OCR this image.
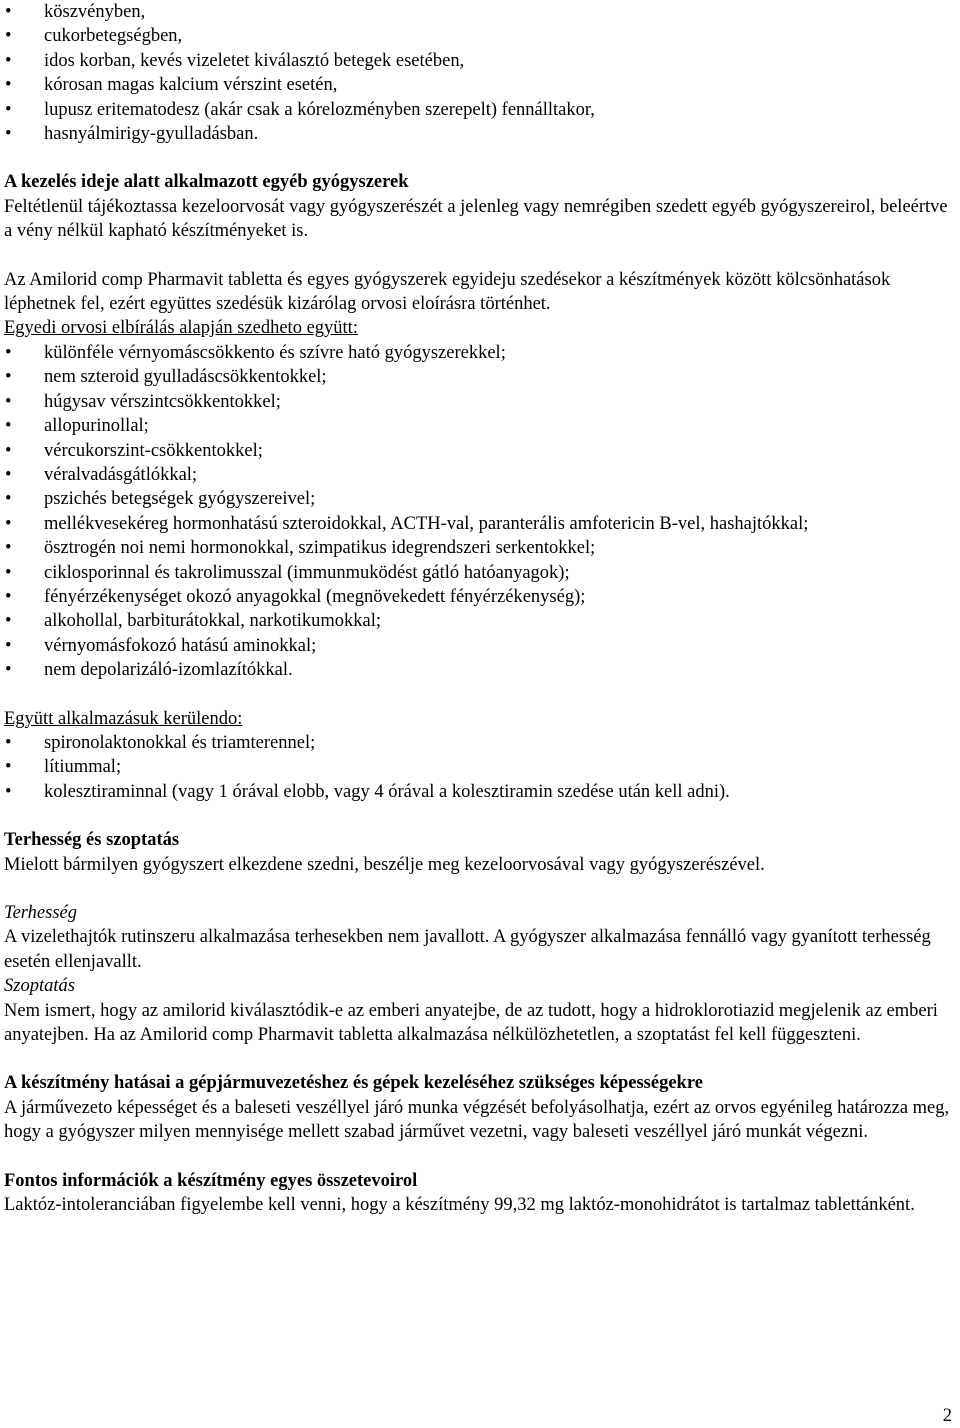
• köszvényben,
• cukorbetegségben,
• idos korban, kevés vizeletet kiválasztó betegek esetében,
• kórosan magas kalcium vérszint esetén,
• lupusz eritematodesz (akár csak a kórelozményben szerepelt) fennálltakor,
• hasnyálmirigy-gyulladásban.

A kezelés ideje alatt alkalmazott egyéb gyógyszerek

Feltétlenül tájékoztassa kezeloorvosát vagy gyógyszerészét a jelenleg vagy nemrégiben szedett egyéb gyógyszereirol, beleértve a vény nélkül kapható készítményeket is.

Az Amilorid comp Pharmavit tabletta és egyes gyógyszerek egyideju szedésekor a készítmények között kölcsönhatások léphetnek fel, ezért együttes szedésük kizárólag orvosi eloírásra történhet.

Egyedi orvosi elbírálás alapján szedheto együtt:

• különféle vérnyomáscsökkento és szívre ható gyógyszerekkel;
• nem szteroid gyulladáscsökkentokkel;
• húgysav vérszintcsökkentokkel;
• allopurinollal;
• vércukorszint-csökkentokkel;
• véralvadásgátlókkal;
• pszichés betegségek gyógyszereivel;
• mellékvesekéreg hormonhatású szteroidokkal, ACTH-val, paranterális amfotericin B-vel, hashajtókkal;
• ösztrogén noi nemi hormonokkal, szimpatikus idegrendszeri serkentokkel;
• ciklosporinnal és takrolimusszal (immunmuködést gátló hatóanyagok);
• fényérzékenységet okozó anyagokkal (megnövekedett fényérzékenység);
• alkohollal, barbiturátokkal, narkotikumokkal;
• vérnyomásfokozó hatású aminokkal;
• nem depolarizáló-izomlazítókkal.

Együtt alkalmazásuk kerülendo:

• spironolaktonokkal és triamterennel;
• lítiummal;
• kolesztiraminnal (vagy 1 órával elobb, vagy 4 órával a kolesztiramin szedése után kell adni).

Terhesség és szoptatás

Mielott bármilyen gyógyszert elkezdene szedni, beszélje meg kezeloorvosával vagy gyógyszerészével.

Terhesség

A vizelethajtók rutinszeru alkalmazása terhesekben nem javallott. A gyógyszer alkalmazása fennálló vagy gyanított terhesség esetén ellenjavallt.

Szoptatás

Nem ismert, hogy az amilorid kiválasztódik-e az emberi anyatejbe, de az tudott, hogy a hidroklorotiazid megjelenik az emberi anyatejben. Ha az Amilorid comp Pharmavit tabletta alkalmazása nélkülözhetetlen, a szoptatást fel kell függeszteni.

A készítmény hatásai a gépjármuvezetéshez és gépek kezeléséhez szükséges képességekre

A járművezeto képességet és a baleseti veszéllyel járó munka végzését befolyásolhatja, ezért az orvos egyénileg határozza meg, hogy a gyógyszer milyen mennyisége mellett szabad járművet vezetni, vagy baleseti veszéllyel járó munkát végezni.

Fontos információk a készítmény egyes összetevoirol

Laktóz-intoleranciában figyelembe kell venni, hogy a készítmény 99,32 mg laktóz-monohidrátot is tartalmaz tablettánként.

2
